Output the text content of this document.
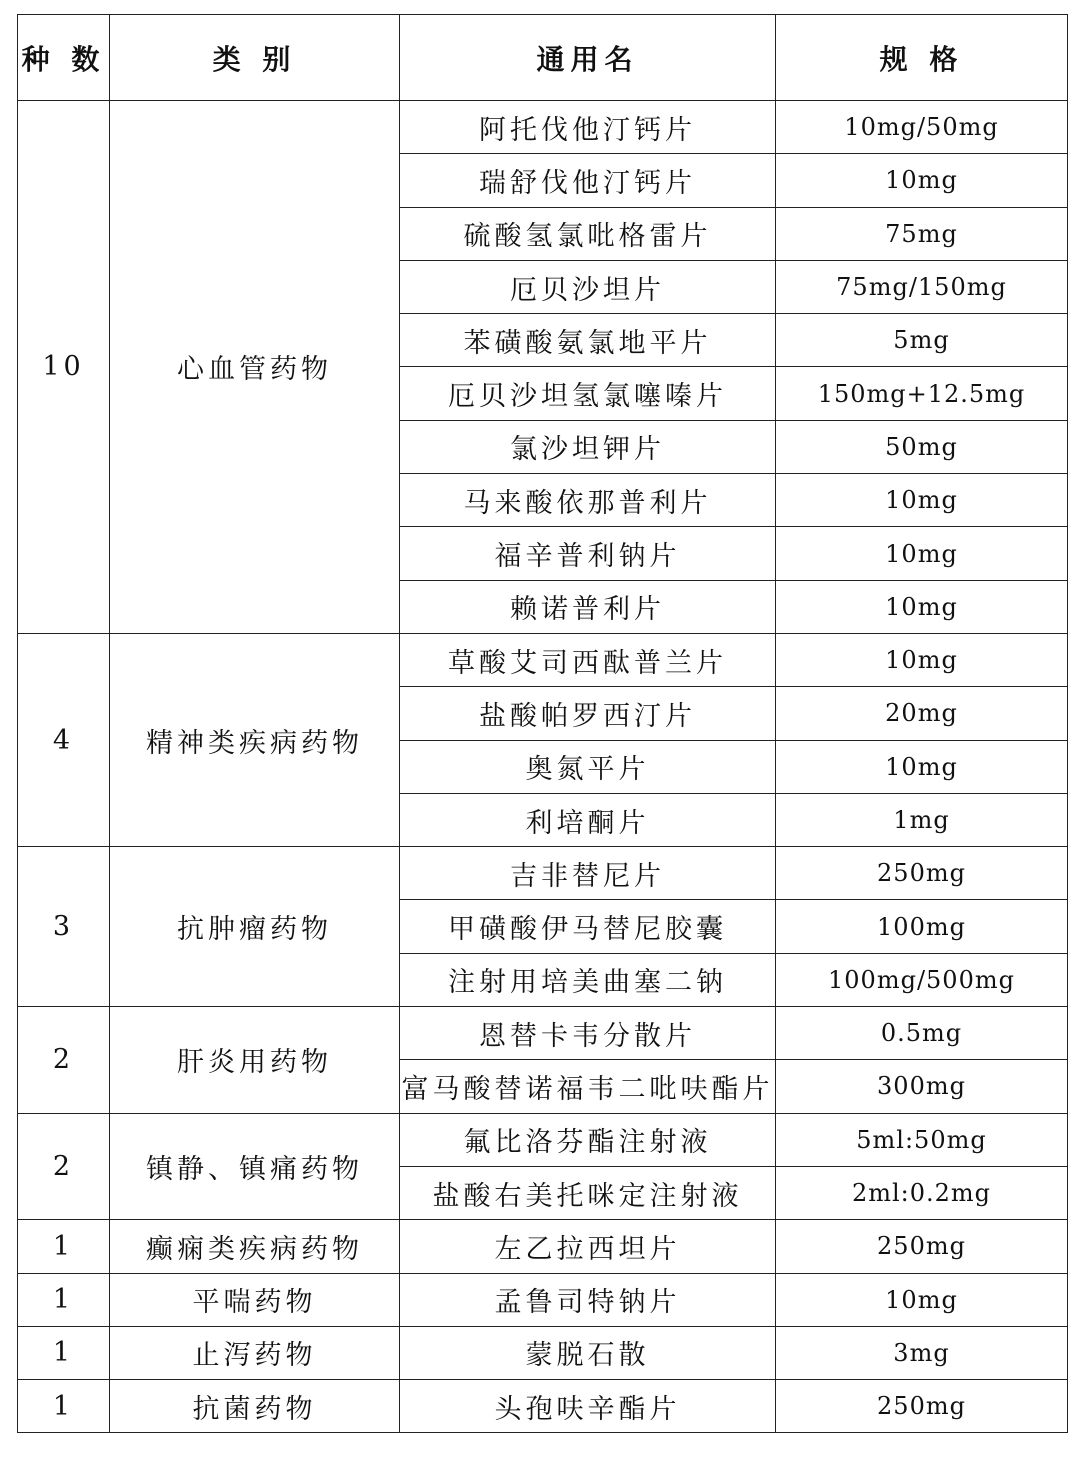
种 数	类 别	通用名	规 格
10	心血管药物	阿托伐他汀钙片	10mg/50mg
		瑞舒伐他汀钙片	10mg
		硫酸氢氯吡格雷片	75mg
		厄贝沙坦片	75mg/150mg
		苯磺酸氨氯地平片	5mg
		厄贝沙坦氢氯噻嗪片	150mg+12.5mg
		氯沙坦钾片	50mg
		马来酸依那普利片	10mg
		福辛普利钠片	10mg
		赖诺普利片	10mg
4	精神类疾病药物	草酸艾司西酞普兰片	10mg
		盐酸帕罗西汀片	20mg
		奥氮平片	10mg
		利培酮片	1mg
3	抗肿瘤药物	吉非替尼片	250mg
		甲磺酸伊马替尼胶囊	100mg
		注射用培美曲塞二钠	100mg/500mg
2	肝炎用药物	恩替卡韦分散片	0.5mg
		富马酸替诺福韦二吡呋酯片	300mg
2	镇静、镇痛药物	氟比洛芬酯注射液	5ml:50mg
		盐酸右美托咪定注射液	2ml:0.2mg
1	癫痫类疾病药物	左乙拉西坦片	250mg
1	平喘药物	孟鲁司特钠片	10mg
1	止泻药物	蒙脱石散	3mg
1	抗菌药物	头孢呋辛酯片	250mg
